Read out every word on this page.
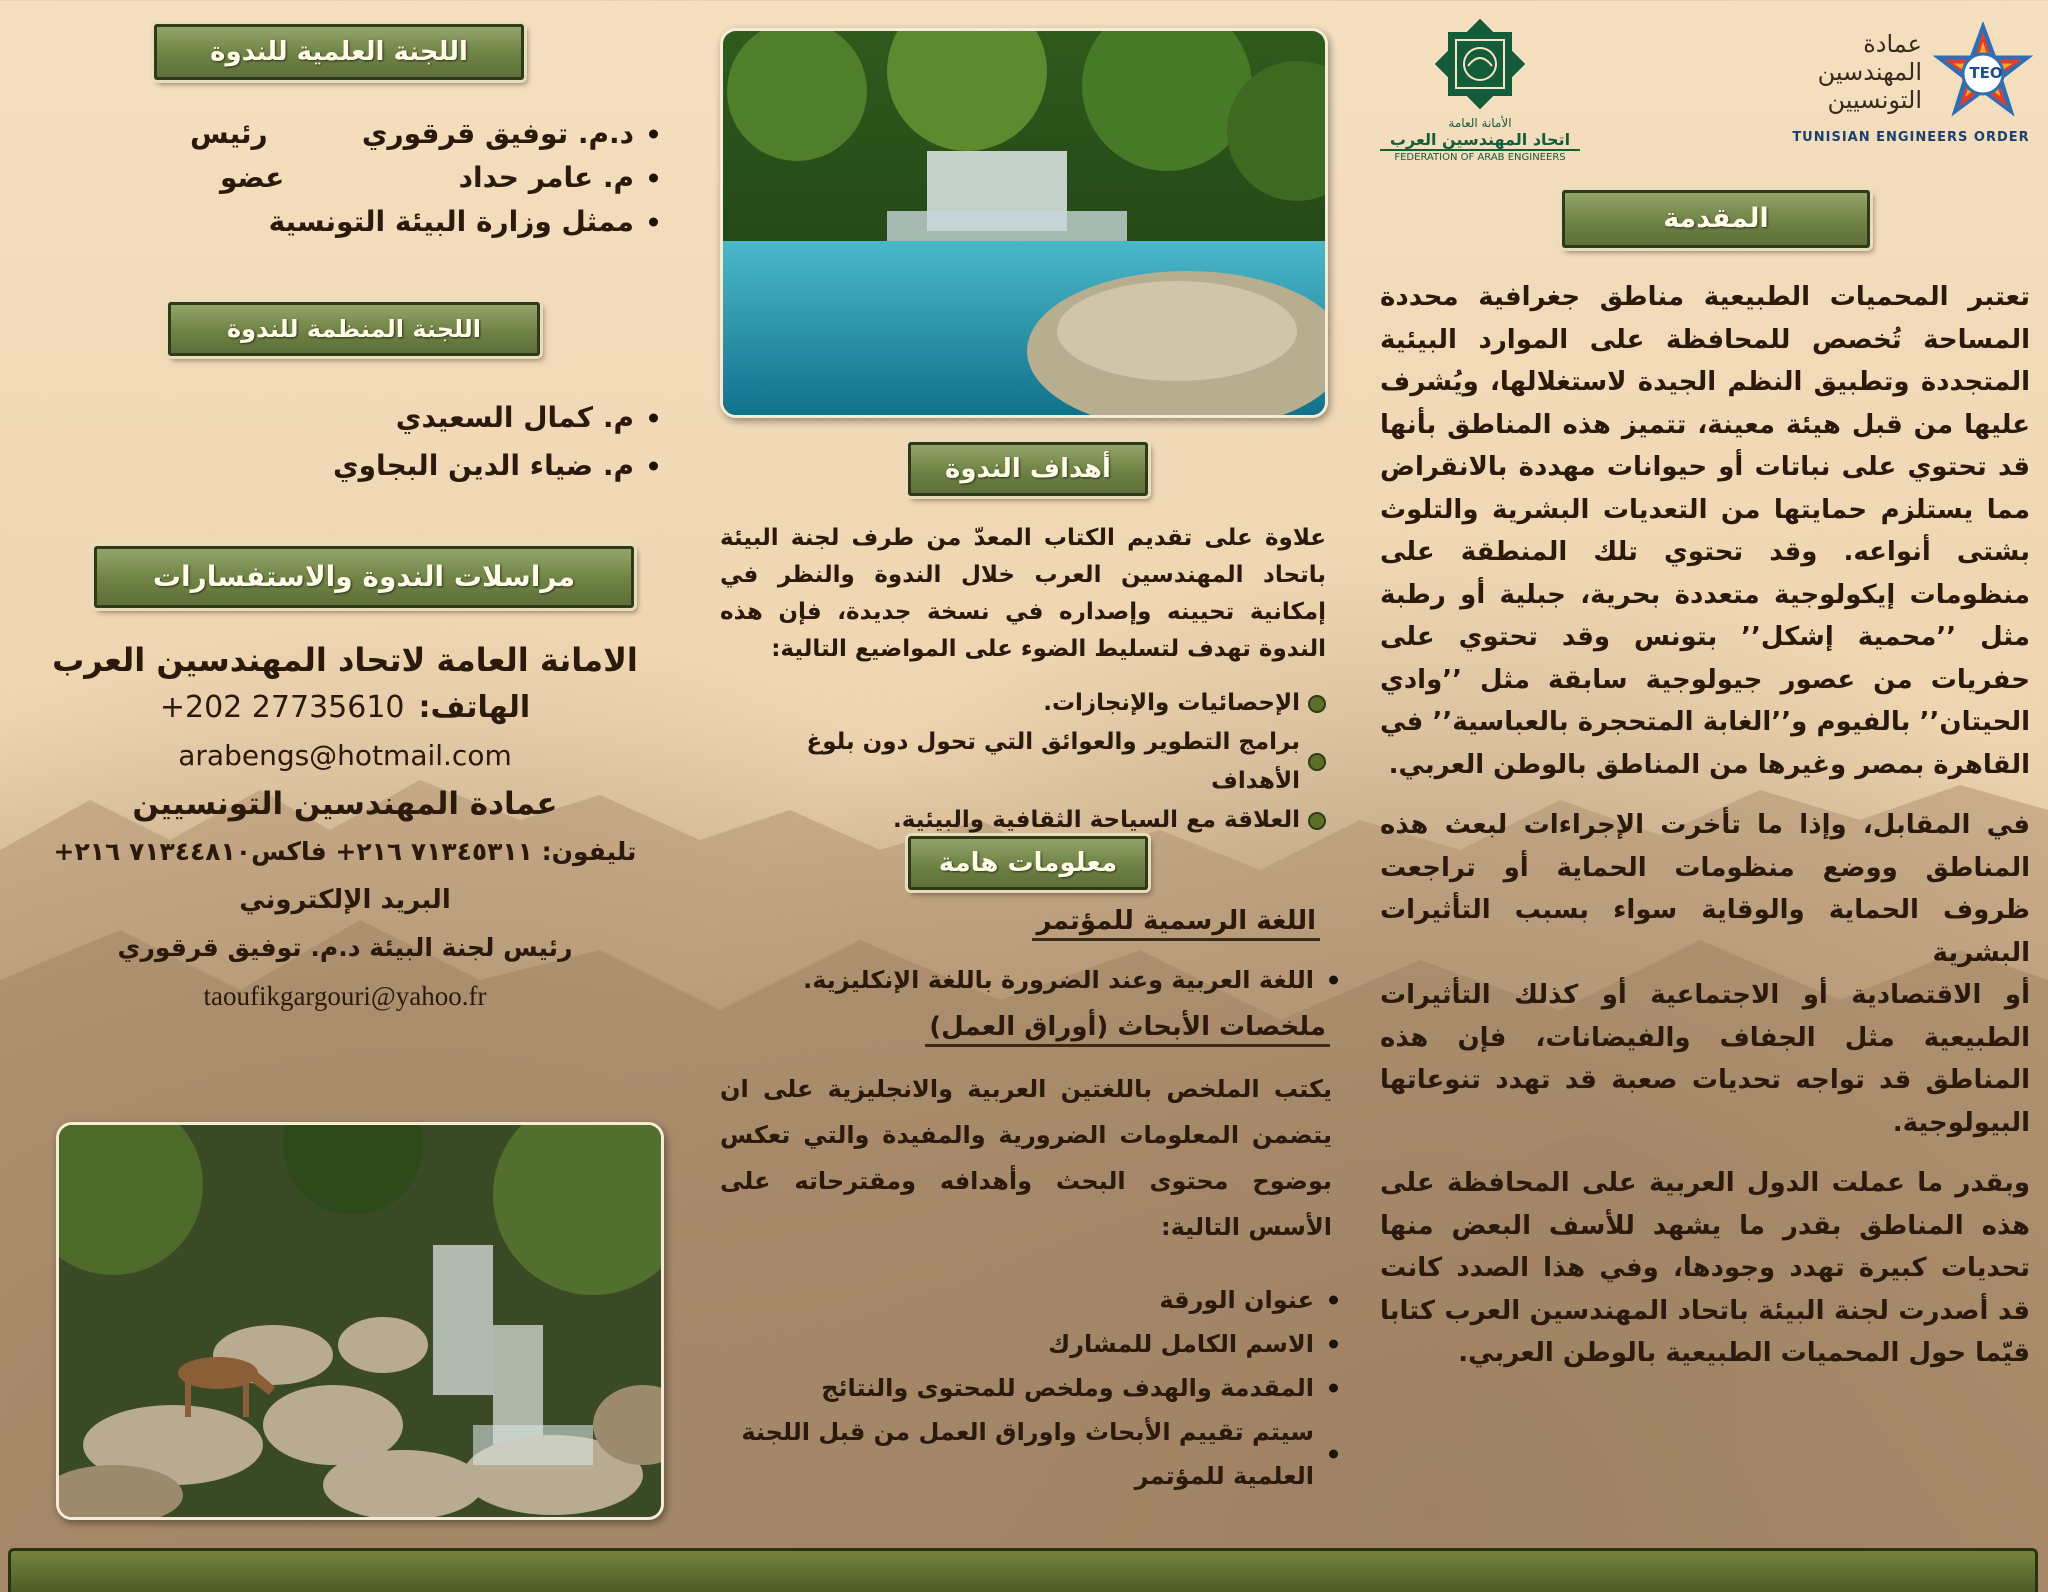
TEO
عمادة
المهندسين
التونسيين
TUNISIAN ENGINEERS ORDER
الأمانة العامة
اتحاد المهندسين العرب
FEDERATION OF ARAB ENGINEERS
المقدمة

تعتبر المحميات الطبيعية مناطق جغرافية محددة المساحة تُخصص للمحافظة على الموارد البيئية المتجددة وتطبيق النظم الجيدة لاستغلالها، ويُشرف عليها من قبل هيئة معينة، تتميز هذه المناطق بأنها قد تحتوي على نباتات أو حيوانات مهددة بالانقراض مما يستلزم حمايتها من التعديات البشرية والتلوث بشتى أنواعه. وقد تحتوي تلك المنطقة على منظومات إيكولوجية متعددة بحرية، جبلية أو رطبة مثل ’’محمية إشكل’’ بتونس وقد تحتوي على حفريات من عصور جيولوجية سابقة مثل ’’وادي الحيتان’’ بالفيوم و’’الغابة المتحجرة بالعباسية’’ في القاهرة بمصر وغيرها من المناطق بالوطن العربي.

في المقابل، وإذا ما تأخرت الإجراءات لبعث هذه المناطق ووضع منظومات الحماية أو تراجعت ظروف الحماية والوقاية سواء بسبب التأثيرات البشرية

أو الاقتصادية أو الاجتماعية أو كذلك التأثيرات الطبيعية مثل الجفاف والفيضانات، فإن هذه المناطق قد تواجه تحديات صعبة قد تهدد تنوعاتها البيولوجية.

وبقدر ما عملت الدول العربية على المحافظة على هذه المناطق بقدر ما يشهد للأسف البعض منها تحديات كبيرة تهدد وجودها، وفي هذا الصدد كانت قد أصدرت لجنة البيئة باتحاد المهندسين العرب كتابا قيّما حول المحميات الطبيعية بالوطن العربي.

أهداف الندوة
علاوة على تقديم الكتاب المعدّ من طرف لجنة البيئة باتحاد المهندسين العرب خلال الندوة والنظر في إمكانية تحيينه وإصداره في نسخة جديدة، فإن هذه الندوة تهدف لتسليط الضوء على المواضيع التالية:
الإحصائيات والإنجازات.
برامج التطوير والعوائق التي تحول دون بلوغ الأهداف
العلاقة مع السياحة الثقافية والبيئية.
معلومات هامة
اللغة الرسمية للمؤتمر
اللغة العربية وعند الضرورة باللغة الإنكليزية.
ملخصات الأبحاث (أوراق العمل)
يكتب الملخص باللغتين العربية والانجليزية على ان يتضمن المعلومات الضرورية والمفيدة والتي تعكس بوضوح محتوى البحث وأهدافه ومقترحاته على الأسس التالية:
عنوان الورقة
الاسم الكامل للمشارك
المقدمة والهدف وملخص للمحتوى والنتائج
سيتم تقييم الأبحاث واوراق العمل من قبل اللجنة العلمية للمؤتمر
اللجنة العلمية للندوة
د.م. توفيق قرقوري
رئيس
م. عامر حداد
عضو
ممثل وزارة البيئة التونسية
اللجنة المنظمة للندوة
م. كمال السعيدي
م. ضياء الدين البجاوي
مراسلات الندوة والاستفسارات
الامانة العامة لاتحاد المهندسين العرب
الهاتف:
+202 27735610
arabengs@hotmail.com
عمادة المهندسين التونسيين
تليفون: ٧١٣٤٥٣١١ ٢١٦+ فاكس٧١٣٤٤٨١٠ ٢١٦+
البريد الإلكتروني
رئيس لجنة البيئة د.م. توفيق قرقوري
taoufikgargouri@yahoo.fr
